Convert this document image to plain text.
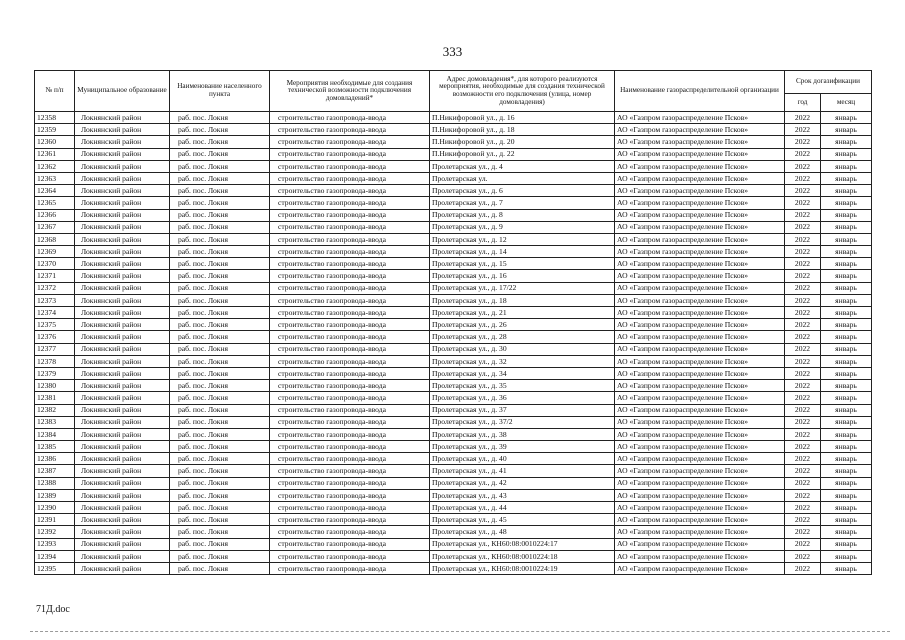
333
№ п/п	Муниципальное образование	Наименование населенного пункта	Мероприятия необходимые для создания технической возможности подключения домовладений*	Адрес домовладения*, для которого реализуются мероприятия, необходимые для создания технической возможности его подключения (улица, номер домовладения)	Наименование газораспределительной организации	Срок догазификации	
						год	месяц
12358	Локнянский район	раб. пос. Локня	строительство газопровода-ввода	П.Никифоровой ул., д. 16	АО «Газпром газораспределение Псков»	2022	январь
12359	Локнянский район	раб. пос. Локня	строительство газопровода-ввода	П.Никифоровой ул., д. 18	АО «Газпром газораспределение Псков»	2022	январь
12360	Локнянский район	раб. пос. Локня	строительство газопровода-ввода	П.Никифоровой ул., д. 20	АО «Газпром газораспределение Псков»	2022	январь
12361	Локнянский район	раб. пос. Локня	строительство газопровода-ввода	П.Никифоровой ул., д. 22	АО «Газпром газораспределение Псков»	2022	январь
12362	Локнянский район	раб. пос. Локня	строительство газопровода-ввода	Пролетарская ул., д. 4	АО «Газпром газораспределение Псков»	2022	январь
12363	Локнянский район	раб. пос. Локня	строительство газопровода-ввода	Пролетарская ул.	АО «Газпром газораспределение Псков»	2022	январь
12364	Локнянский район	раб. пос. Локня	строительство газопровода-ввода	Пролетарская ул., д. 6	АО «Газпром газораспределение Псков»	2022	январь
12365	Локнянский район	раб. пос. Локня	строительство газопровода-ввода	Пролетарская ул., д. 7	АО «Газпром газораспределение Псков»	2022	январь
12366	Локнянский район	раб. пос. Локня	строительство газопровода-ввода	Пролетарская ул., д. 8	АО «Газпром газораспределение Псков»	2022	январь
12367	Локнянский район	раб. пос. Локня	строительство газопровода-ввода	Пролетарская ул., д. 9	АО «Газпром газораспределение Псков»	2022	январь
12368	Локнянский район	раб. пос. Локня	строительство газопровода-ввода	Пролетарская ул., д. 12	АО «Газпром газораспределение Псков»	2022	январь
12369	Локнянский район	раб. пос. Локня	строительство газопровода-ввода	Пролетарская ул., д. 14	АО «Газпром газораспределение Псков»	2022	январь
12370	Локнянский район	раб. пос. Локня	строительство газопровода-ввода	Пролетарская ул., д. 15	АО «Газпром газораспределение Псков»	2022	январь
12371	Локнянский район	раб. пос. Локня	строительство газопровода-ввода	Пролетарская ул., д. 16	АО «Газпром газораспределение Псков»	2022	январь
12372	Локнянский район	раб. пос. Локня	строительство газопровода-ввода	Пролетарская ул., д. 17/22	АО «Газпром газораспределение Псков»	2022	январь
12373	Локнянский район	раб. пос. Локня	строительство газопровода-ввода	Пролетарская ул., д. 18	АО «Газпром газораспределение Псков»	2022	январь
12374	Локнянский район	раб. пос. Локня	строительство газопровода-ввода	Пролетарская ул., д. 21	АО «Газпром газораспределение Псков»	2022	январь
12375	Локнянский район	раб. пос. Локня	строительство газопровода-ввода	Пролетарская ул., д. 26	АО «Газпром газораспределение Псков»	2022	январь
12376	Локнянский район	раб. пос. Локня	строительство газопровода-ввода	Пролетарская ул., д. 28	АО «Газпром газораспределение Псков»	2022	январь
12377	Локнянский район	раб. пос. Локня	строительство газопровода-ввода	Пролетарская ул., д. 30	АО «Газпром газораспределение Псков»	2022	январь
12378	Локнянский район	раб. пос. Локня	строительство газопровода-ввода	Пролетарская ул., д. 32	АО «Газпром газораспределение Псков»	2022	январь
12379	Локнянский район	раб. пос. Локня	строительство газопровода-ввода	Пролетарская ул., д. 34	АО «Газпром газораспределение Псков»	2022	январь
12380	Локнянский район	раб. пос. Локня	строительство газопровода-ввода	Пролетарская ул., д. 35	АО «Газпром газораспределение Псков»	2022	январь
12381	Локнянский район	раб. пос. Локня	строительство газопровода-ввода	Пролетарская ул., д. 36	АО «Газпром газораспределение Псков»	2022	январь
12382	Локнянский район	раб. пос. Локня	строительство газопровода-ввода	Пролетарская ул., д. 37	АО «Газпром газораспределение Псков»	2022	январь
12383	Локнянский район	раб. пос. Локня	строительство газопровода-ввода	Пролетарская ул., д. 37/2	АО «Газпром газораспределение Псков»	2022	январь
12384	Локнянский район	раб. пос. Локня	строительство газопровода-ввода	Пролетарская ул., д. 38	АО «Газпром газораспределение Псков»	2022	январь
12385	Локнянский район	раб. пос. Локня	строительство газопровода-ввода	Пролетарская ул., д. 39	АО «Газпром газораспределение Псков»	2022	январь
12386	Локнянский район	раб. пос. Локня	строительство газопровода-ввода	Пролетарская ул., д. 40	АО «Газпром газораспределение Псков»	2022	январь
12387	Локнянский район	раб. пос. Локня	строительство газопровода-ввода	Пролетарская ул., д. 41	АО «Газпром газораспределение Псков»	2022	январь
12388	Локнянский район	раб. пос. Локня	строительство газопровода-ввода	Пролетарская ул., д. 42	АО «Газпром газораспределение Псков»	2022	январь
12389	Локнянский район	раб. пос. Локня	строительство газопровода-ввода	Пролетарская ул., д. 43	АО «Газпром газораспределение Псков»	2022	январь
12390	Локнянский район	раб. пос. Локня	строительство газопровода-ввода	Пролетарская ул., д. 44	АО «Газпром газораспределение Псков»	2022	январь
12391	Локнянский район	раб. пос. Локня	строительство газопровода-ввода	Пролетарская ул., д. 45	АО «Газпром газораспределение Псков»	2022	январь
12392	Локнянский район	раб. пос. Локня	строительство газопровода-ввода	Пролетарская ул., д. 48	АО «Газпром газораспределение Псков»	2022	январь
12393	Локнянский район	раб. пос. Локня	строительство газопровода-ввода	Пролетарская ул., КН60:08:0010224:17	АО «Газпром газораспределение Псков»	2022	январь
12394	Локнянский район	раб. пос. Локня	строительство газопровода-ввода	Пролетарская ул., КН60:08:0010224:18	АО «Газпром газораспределение Псков»	2022	январь
12395	Локнянский район	раб. пос. Локня	строительство газопровода-ввода	Пролетарская ул., КН60:08:0010224:19	АО «Газпром газораспределение Псков»	2022	январь
71Д.doc
